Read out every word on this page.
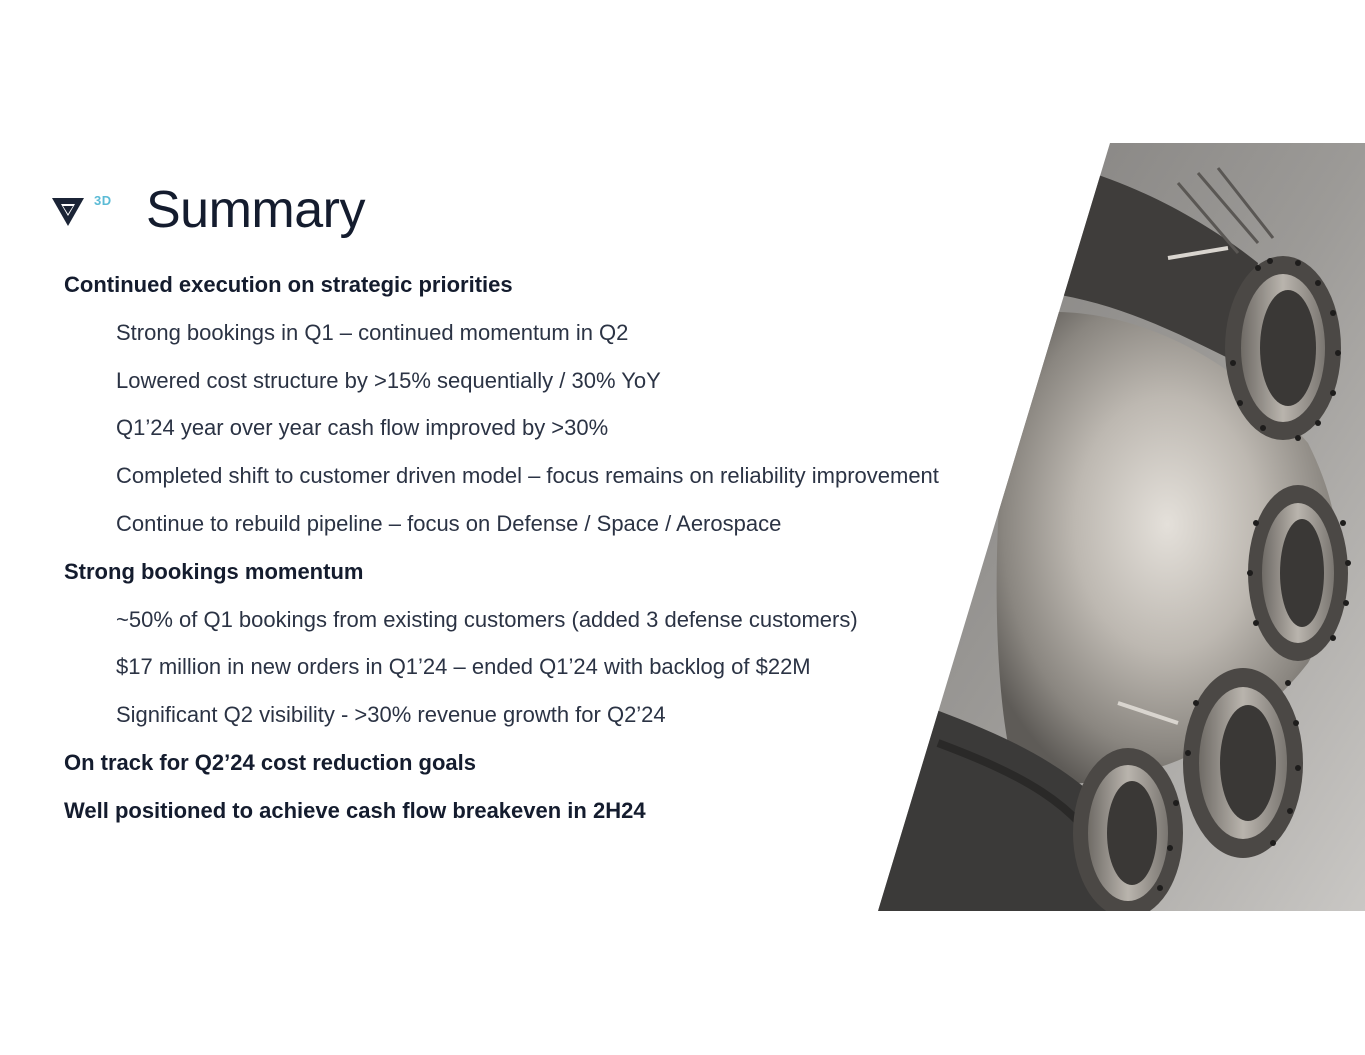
3D Summary
Continued execution on strategic priorities
Strong bookings in Q1 – continued momentum in Q2
Lowered cost structure by >15% sequentially / 30% YoY
Q1’24 year over year cash flow improved by >30%
Completed shift to customer driven model – focus remains on reliability improvement
Continue to rebuild pipeline – focus on Defense / Space / Aerospace
Strong bookings momentum
~50% of Q1 bookings from existing customers (added 3 defense customers)
$17 million in new orders in Q1’24 – ended Q1’24 with backlog of $22M
Significant Q2 visibility - >30% revenue growth for Q2’24
On track for Q2’24 cost reduction goals
Well positioned to achieve cash flow breakeven in 2H24
